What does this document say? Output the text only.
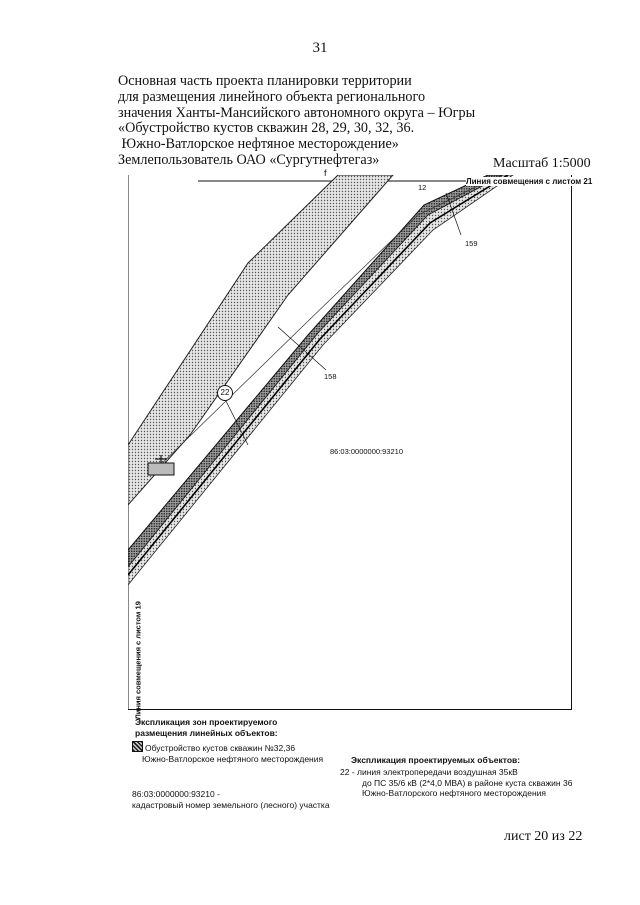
31
Основная часть проекта планировки территории
для размещения линейного объекта регионального
значения Ханты-Мансийского автономного округа – Югры
«Обустройство кустов скважин 28, 29, 30, 32, 36.
Южно-Ватлорское нефтяное месторождение»
Землепользователь ОАО «Сургутнефтегаз»	Масштаб 1:5000
Линия совмещения с листом 21
Линия совмещения с листом 19
86:03:0000000:93210
159
158
12
22
f
Экспликация зон проектируемого
размещения линейных объектов:
Обустройство кустов скважин №32,36
Южно-Ватлорское нефтяного месторождения	Экспликация проектируемых объектов:
22 - линия электропередачи воздушная 35кВ
до ПС 35/6 кВ (2*4,0 МВА) в районе куста скважин 36
Южно-Ватлорского нефтяного месторождения
86:03:0000000:93210 -
кадастровый номер земельного (лесного) участка
лист 20 из 22
